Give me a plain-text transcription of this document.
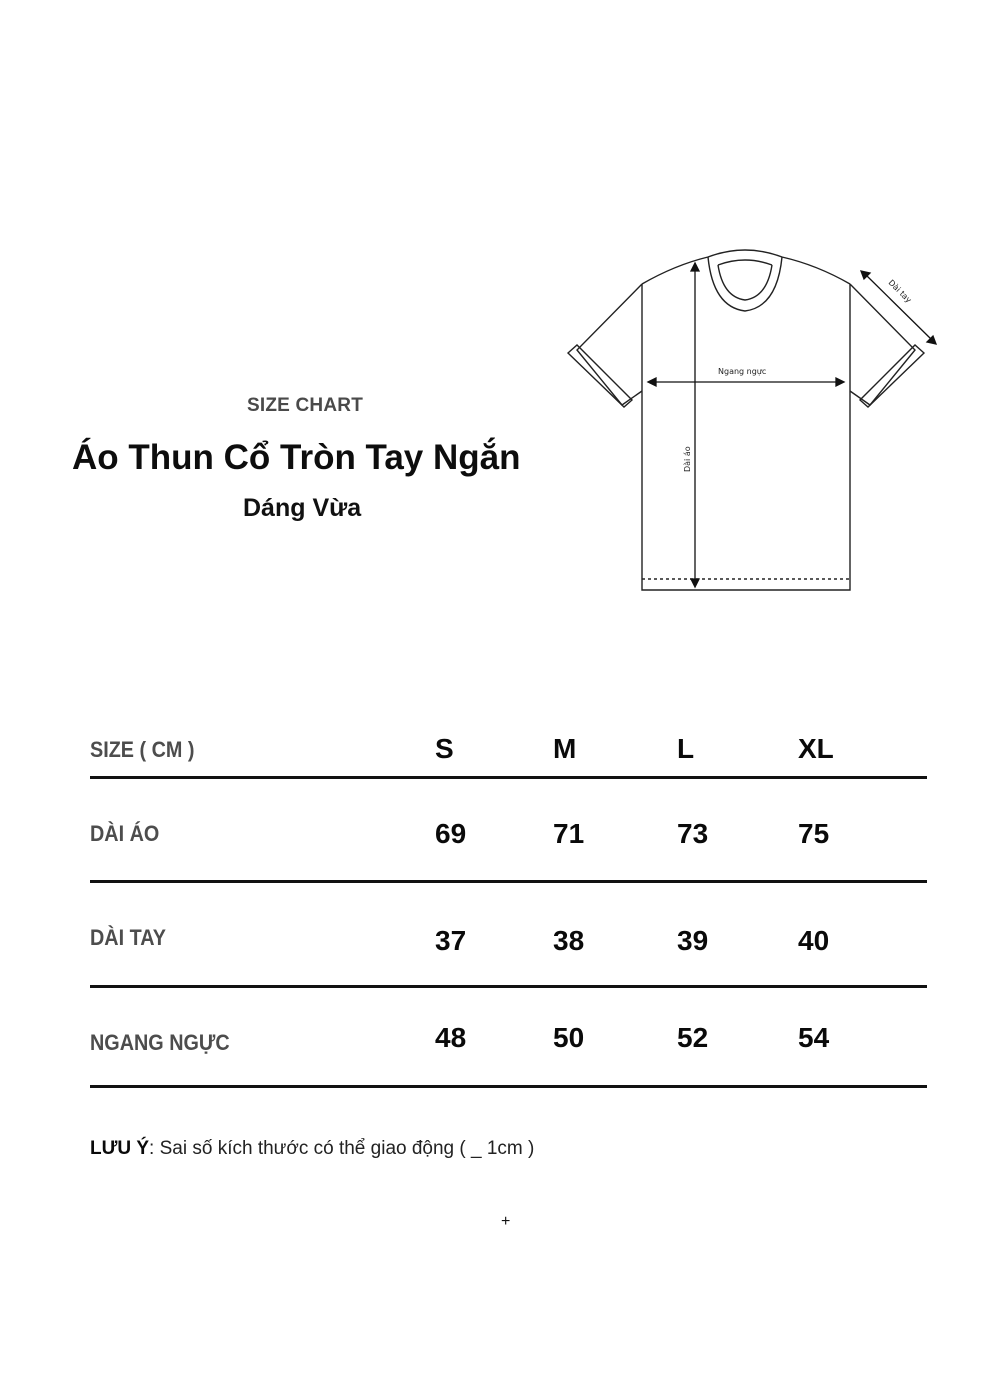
SIZE CHART
Áo Thun Cổ Tròn Tay Ngắn
Dáng Vừa
Ngang ngực
Dài áo
Dài tay
SIZE ( CM )	S	M	L	XL
DÀI ÁO	69	71	73	75
DÀI TAY	37	38	39	40
NGANG NGỰC	48	50	52	54
LƯU Ý: Sai số kích thước có thể giao động ( _ 1cm )
+
